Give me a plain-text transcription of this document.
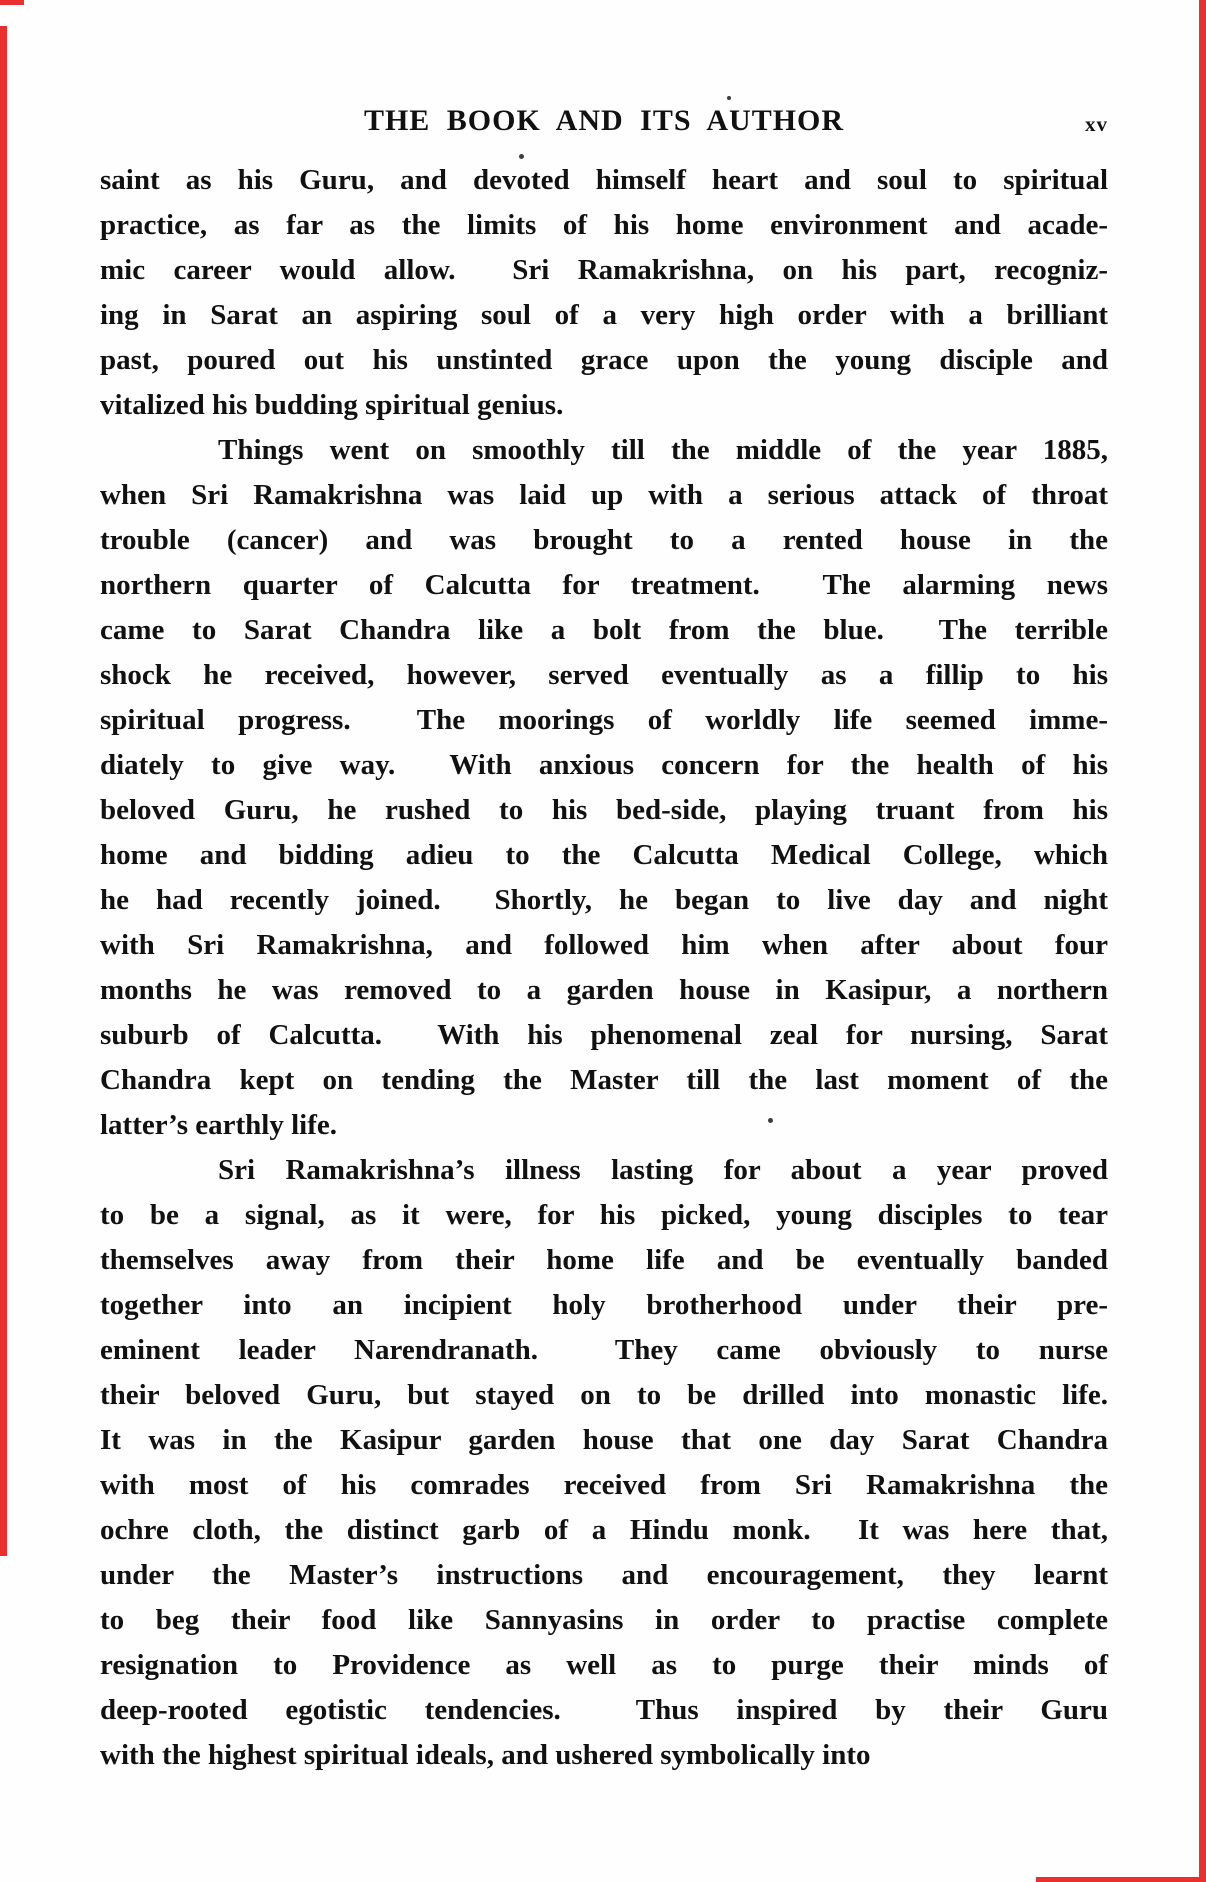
THE BOOK AND ITS AUTHOR	xv
saint as his Guru, and devoted himself heart and soul to spiritual
practice, as far as the limits of his home environment and acade-
mic career would allow.  Sri Ramakrishna, on his part, recogniz-
ing in Sarat an aspiring soul of a very high order with a brilliant
past, poured out his unstinted grace upon the young disciple and
vitalized his budding spiritual genius.
Things went on smoothly till the middle of the year 1885,
when Sri Ramakrishna was laid up with a serious attack of throat
trouble (cancer) and was brought to a rented house in the
northern quarter of Calcutta for treatment.  The alarming news
came to Sarat Chandra like a bolt from the blue.  The terrible
shock he received, however, served eventually as a fillip to his
spiritual progress.  The moorings of worldly life seemed imme-
diately to give way.  With anxious concern for the health of his
beloved Guru, he rushed to his bed-side, playing truant from his
home and bidding adieu to the Calcutta Medical College, which
he had recently joined.  Shortly, he began to live day and night
with Sri Ramakrishna, and followed him when after about four
months he was removed to a garden house in Kasipur, a northern
suburb of Calcutta.  With his phenomenal zeal for nursing, Sarat
Chandra kept on tending the Master till the last moment of the
latter’s earthly life.
Sri Ramakrishna’s illness lasting for about a year proved
to be a signal, as it were, for his picked, young disciples to tear
themselves away from their home life and be eventually banded
together into an incipient holy brotherhood under their pre-
eminent leader Narendranath.  They came obviously to nurse
their beloved Guru, but stayed on to be drilled into monastic life.
It was in the Kasipur garden house that one day Sarat Chandra
with most of his comrades received from Sri Ramakrishna the
ochre cloth, the distinct garb of a Hindu monk.  It was here that,
under the Master’s instructions and encouragement, they learnt
to beg their food like Sannyasins in order to practise complete
resignation to Providence as well as to purge their minds of
deep-rooted egotistic tendencies.  Thus inspired by their Guru
with the highest spiritual ideals, and ushered symbolically into
